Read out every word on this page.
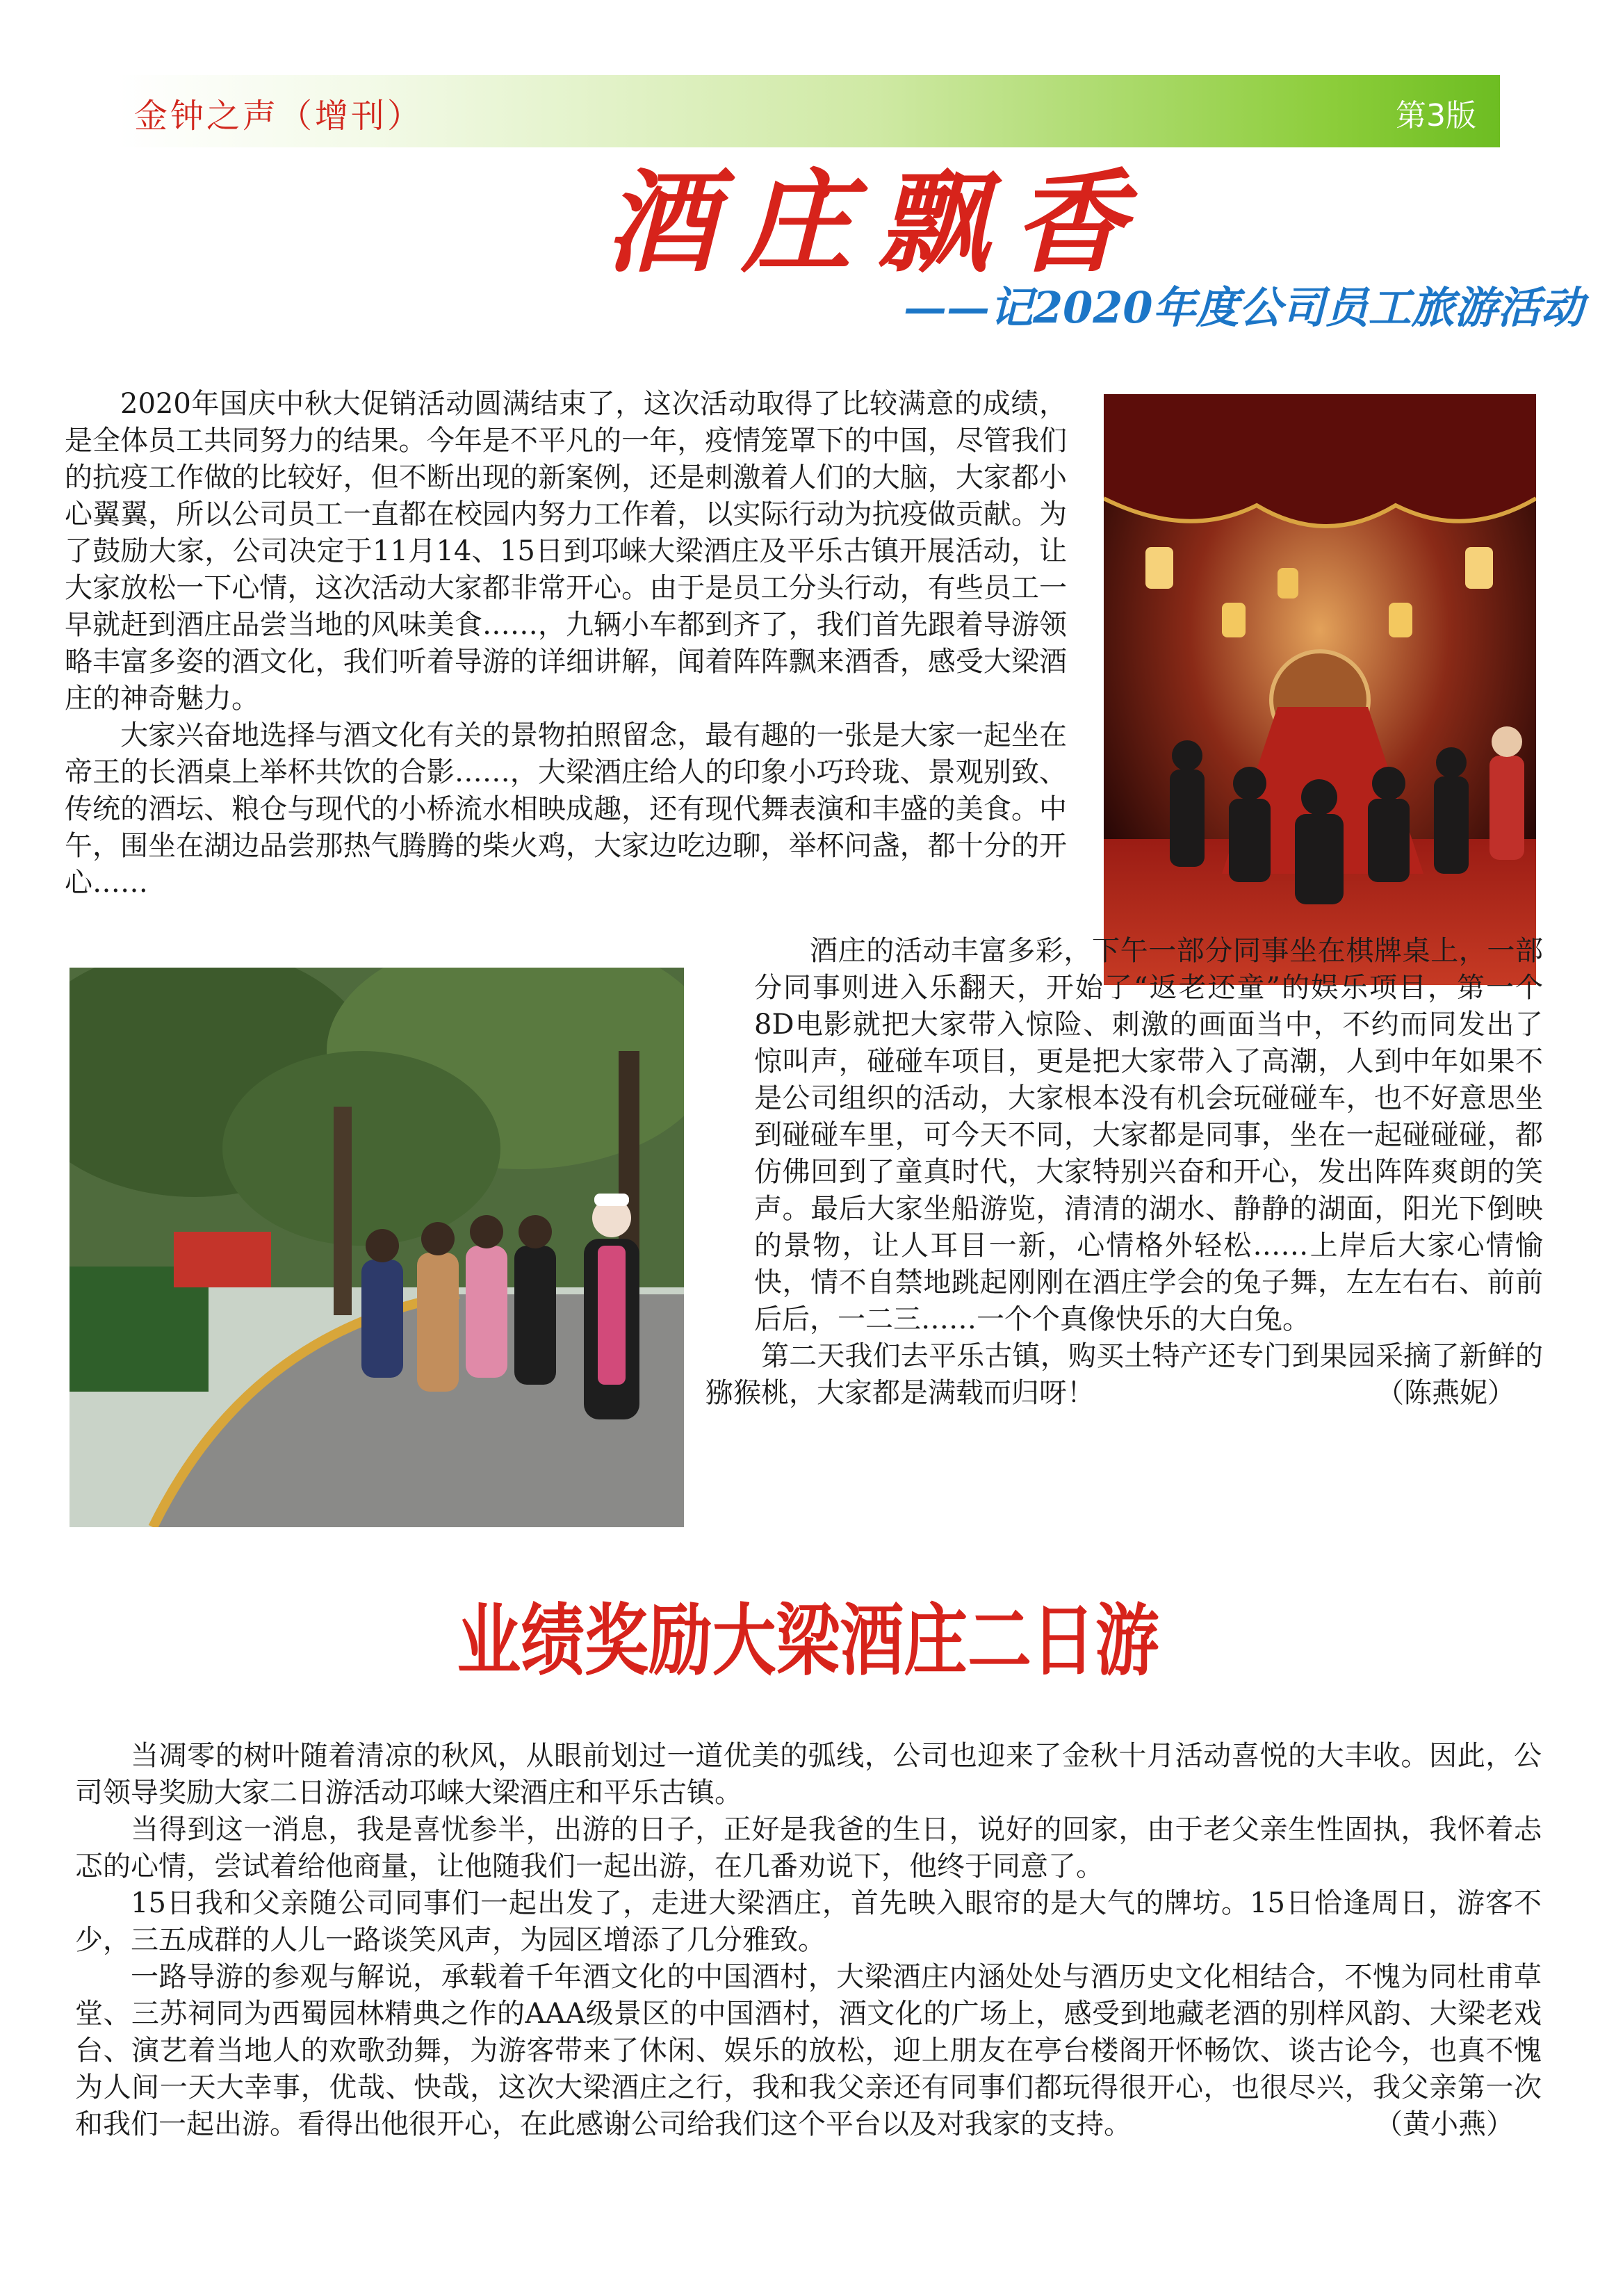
金钟之声（增刊）	第3版
酒庄飘香
——记2020年度公司员工旅游活动

2020年国庆中秋大促销活动圆满结束了，这次活动取得了比较满意的成绩，是全体员工共同努力的结果。今年是不平凡的一年，疫情笼罩下的中国，尽管我们的抗疫工作做的比较好，但不断出现的新案例，还是刺激着人们的大脑，大家都小心翼翼，所以公司员工一直都在校园内努力工作着，以实际行动为抗疫做贡献。为了鼓励大家，公司决定于11月14、15日到邛崃大梁酒庄及平乐古镇开展活动，让大家放松一下心情，这次活动大家都非常开心。由于是员工分头行动，有些员工一早就赶到酒庄品尝当地的风味美食……，九辆小车都到齐了，我们首先跟着导游领略丰富多姿的酒文化，我们听着导游的详细讲解，闻着阵阵飘来酒香，感受大梁酒庄的神奇魅力。

大家兴奋地选择与酒文化有关的景物拍照留念，最有趣的一张是大家一起坐在帝王的长酒桌上举杯共饮的合影……，大梁酒庄给人的印象小巧玲珑、景观别致、传统的酒坛、粮仓与现代的小桥流水相映成趣，还有现代舞表演和丰盛的美食。中午，围坐在湖边品尝那热气腾腾的柴火鸡，大家边吃边聊，举杯问盏，都十分的开心……

酒庄的活动丰富多彩，下午一部分同事坐在棋牌桌上，一部分同事则进入乐翻天，开始了“返老还童”的娱乐项目，第一个8D电影就把大家带入惊险、刺激的画面当中，不约而同发出了惊叫声，碰碰车项目，更是把大家带入了高潮，人到中年如果不是公司组织的活动，大家根本没有机会玩碰碰车，也不好意思坐到碰碰车里，可今天不同，大家都是同事，坐在一起碰碰碰，都仿佛回到了童真时代，大家特别兴奋和开心，发出阵阵爽朗的笑声。最后大家坐船游览，清清的湖水、静静的湖面，阳光下倒映的景物，让人耳目一新，心情格外轻松……上岸后大家心情愉快，情不自禁地跳起刚刚在酒庄学会的兔子舞，左左右右、前前后后，一二三……一个个真像快乐的大白兔。

第二天我们去平乐古镇，购买土特产还专门到果园采摘了新鲜的猕猴桃，大家都是满载而归呀！	（陈燕妮）

业绩奖励大梁酒庄二日游

当凋零的树叶随着清凉的秋风，从眼前划过一道优美的弧线，公司也迎来了金秋十月活动喜悦的大丰收。因此，公司领导奖励大家二日游活动邛崃大梁酒庄和平乐古镇。

当得到这一消息，我是喜忧参半，出游的日子，正好是我爸的生日，说好的回家，由于老父亲生性固执，我怀着忐忑的心情，尝试着给他商量，让他随我们一起出游，在几番劝说下，他终于同意了。

15日我和父亲随公司同事们一起出发了，走进大梁酒庄，首先映入眼帘的是大气的牌坊。15日恰逢周日，游客不少，三五成群的人儿一路谈笑风声，为园区增添了几分雅致。

一路导游的参观与解说，承载着千年酒文化的中国酒村，大梁酒庄内涵处处与酒历史文化相结合，不愧为同杜甫草堂、三苏祠同为西蜀园林精典之作的AAA级景区的中国酒村，酒文化的广场上，感受到地藏老酒的别样风韵、大梁老戏台、演艺着当地人的欢歌劲舞，为游客带来了休闲、娱乐的放松，迎上朋友在亭台楼阁开怀畅饮、谈古论今，也真不愧为人间一天大幸事，优哉、快哉，这次大梁酒庄之行，我和我父亲还有同事们都玩得很开心，也很尽兴，我父亲第一次和我们一起出游。看得出他很开心，在此感谢公司给我们这个平台以及对我家的支持。	（黄小燕）
